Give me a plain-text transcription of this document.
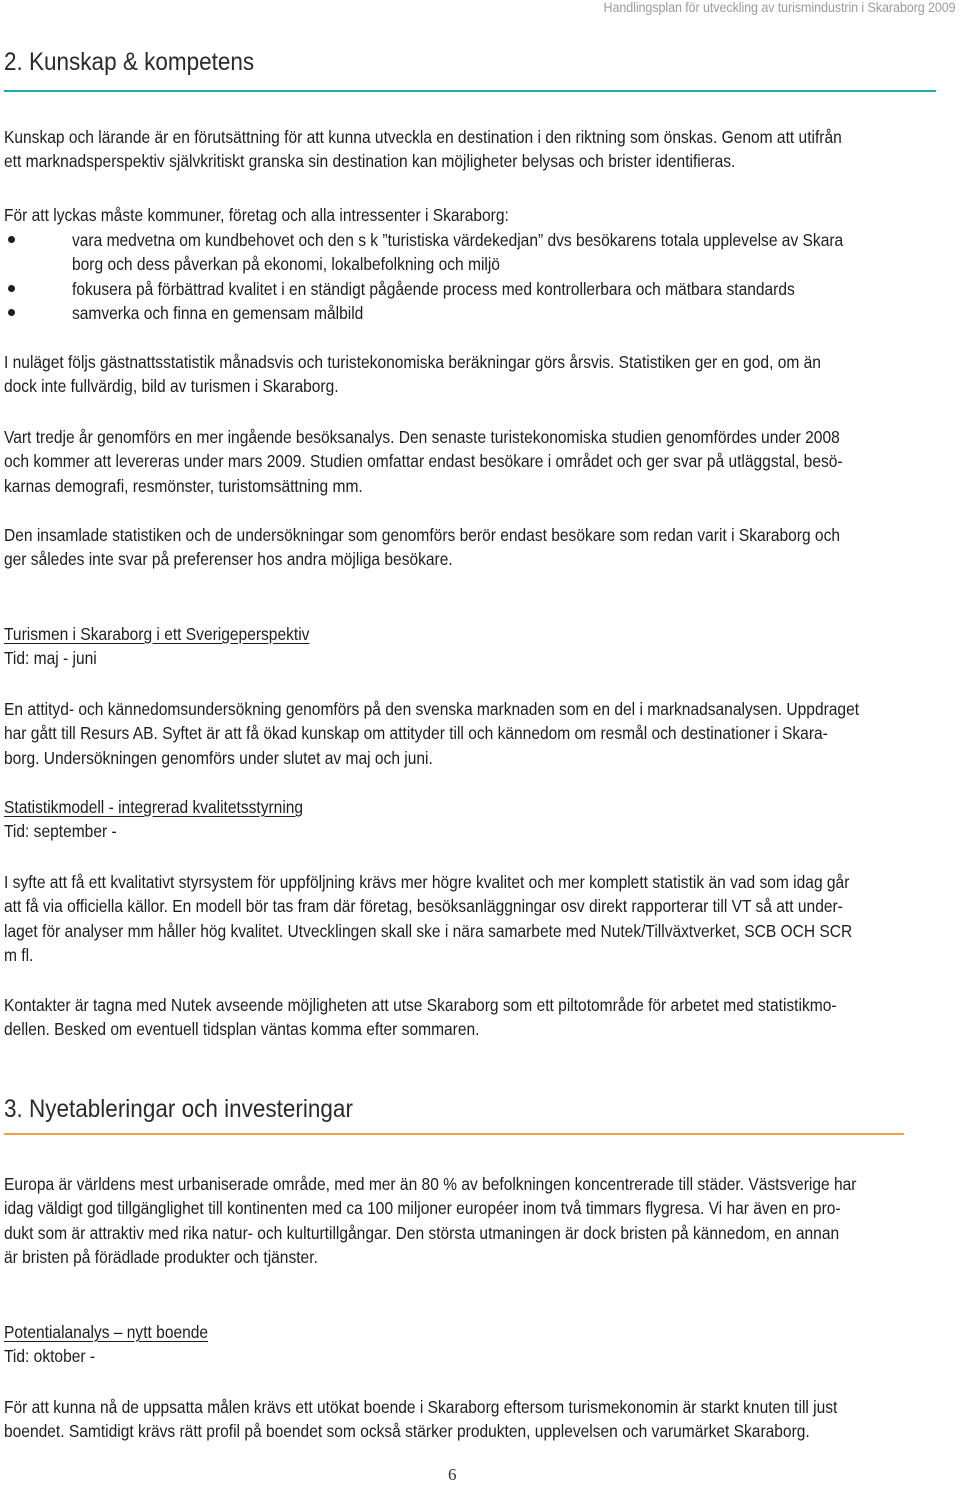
Handlingsplan för utveckling av turismindustrin i Skaraborg 2009
2. Kunskap & kompetens
Kunskap och lärande är en förutsättning för att kunna utveckla en destination i den riktning som önskas. Genom att utifrån
ett marknadsperspektiv självkritiskt granska sin destination kan möjligheter belysas och brister identifieras.
För att lyckas måste kommuner, företag och alla intressenter i Skaraborg:
vara medvetna om kundbehovet och den s k ”turistiska värdekedjan” dvs besökarens totala upplevelse av Skara
borg och dess påverkan på ekonomi, lokalbefolkning och miljö
fokusera på förbättrad kvalitet i en ständigt pågående process med kontrollerbara och mätbara standards
samverka och finna en gemensam målbild
I nuläget följs gästnattsstatistik månadsvis och turistekonomiska beräkningar görs årsvis. Statistiken ger en god, om än
dock inte fullvärdig, bild av turismen i Skaraborg.
Vart tredje år genomförs en mer ingående besöksanalys. Den senaste turistekonomiska studien genomfördes under 2008
och kommer att levereras under mars 2009. Studien omfattar endast besökare i området och ger svar på utläggstal, besö-
karnas demografi, resmönster, turistomsättning mm.
Den insamlade statistiken och de undersökningar som genomförs berör endast besökare som redan varit i Skaraborg och
ger således inte svar på preferenser hos andra möjliga besökare.
Turismen i Skaraborg i ett Sverigeperspektiv
Tid: maj - juni
En attityd- och kännedomsundersökning genomförs på den svenska marknaden som en del i marknadsanalysen. Uppdraget
har gått till Resurs AB. Syftet är att få ökad kunskap om attityder till och kännedom om resmål och destinationer i Skara-
borg. Undersökningen genomförs under slutet av maj och juni.
Statistikmodell - integrerad kvalitetsstyrning
Tid: september -
I syfte att få ett kvalitativt styrsystem för uppföljning krävs mer högre kvalitet och mer komplett statistik än vad som idag går
att få via officiella källor. En modell bör tas fram där företag, besöksanläggningar osv direkt rapporterar till VT så att under-
laget för analyser mm håller hög kvalitet. Utvecklingen skall ske i nära samarbete med Nutek/Tillväxtverket, SCB OCH SCR
m fl.
Kontakter är tagna med Nutek avseende möjligheten att utse Skaraborg som ett piltotområde för arbetet med statistikmo-
dellen. Besked om eventuell tidsplan väntas komma efter sommaren.
3. Nyetableringar och investeringar
Europa är världens mest urbaniserade område, med mer än 80 % av befolkningen koncentrerade till städer. Västsverige har
idag väldigt god tillgänglighet till kontinenten med ca 100 miljoner européer inom två timmars flygresa. Vi har även en pro-
dukt som är attraktiv med rika natur- och kulturtillgångar. Den största utmaningen är dock bristen på kännedom, en annan
är bristen på förädlade produkter och tjänster.
Potentialanalys – nytt boende
Tid: oktober -
För att kunna nå de uppsatta målen krävs ett utökat boende i Skaraborg eftersom turismekonomin är starkt knuten till just
boendet. Samtidigt krävs rätt profil på boendet som också stärker produkten, upplevelsen och varumärket Skaraborg.
6
